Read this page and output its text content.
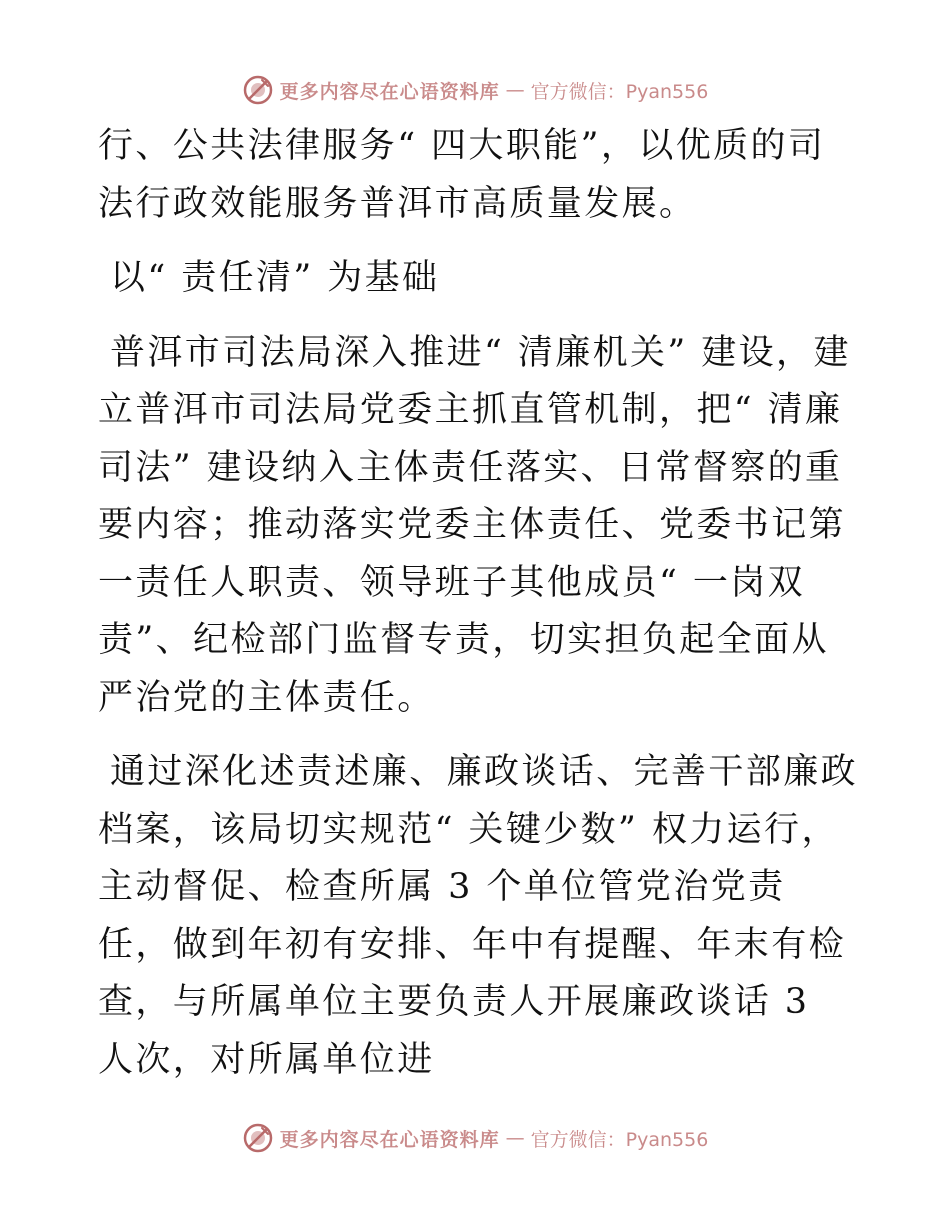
更多内容尽在心语资料库 — 官方微信：Pyan556

行、公共法律服务“ 四大职能”，以优质的司法行政效能服务普洱市高质量发展。

以“ 责任清” 为基础

普洱市司法局深入推进“ 清廉机关” 建设，建立普洱市司法局党委主抓直管机制，把“ 清廉司法” 建设纳入主体责任落实、日常督察的重要内容；推动落实党委主体责任、党委书记第一责任人职责、领导班子其他成员“ 一岗双责”、纪检部门监督专责，切实担负起全面从严治党的主体责任。

通过深化述责述廉、廉政谈话、完善干部廉政档案，该局切实规范“ 关键少数” 权力运行，主动督促、检查所属 3 个单位管党治党责任，做到年初有安排、年中有提醒、年末有检查，与所属单位主要负责人开展廉政谈话 3 人次，对所属单位进

更多内容尽在心语资料库 — 官方微信：Pyan556
